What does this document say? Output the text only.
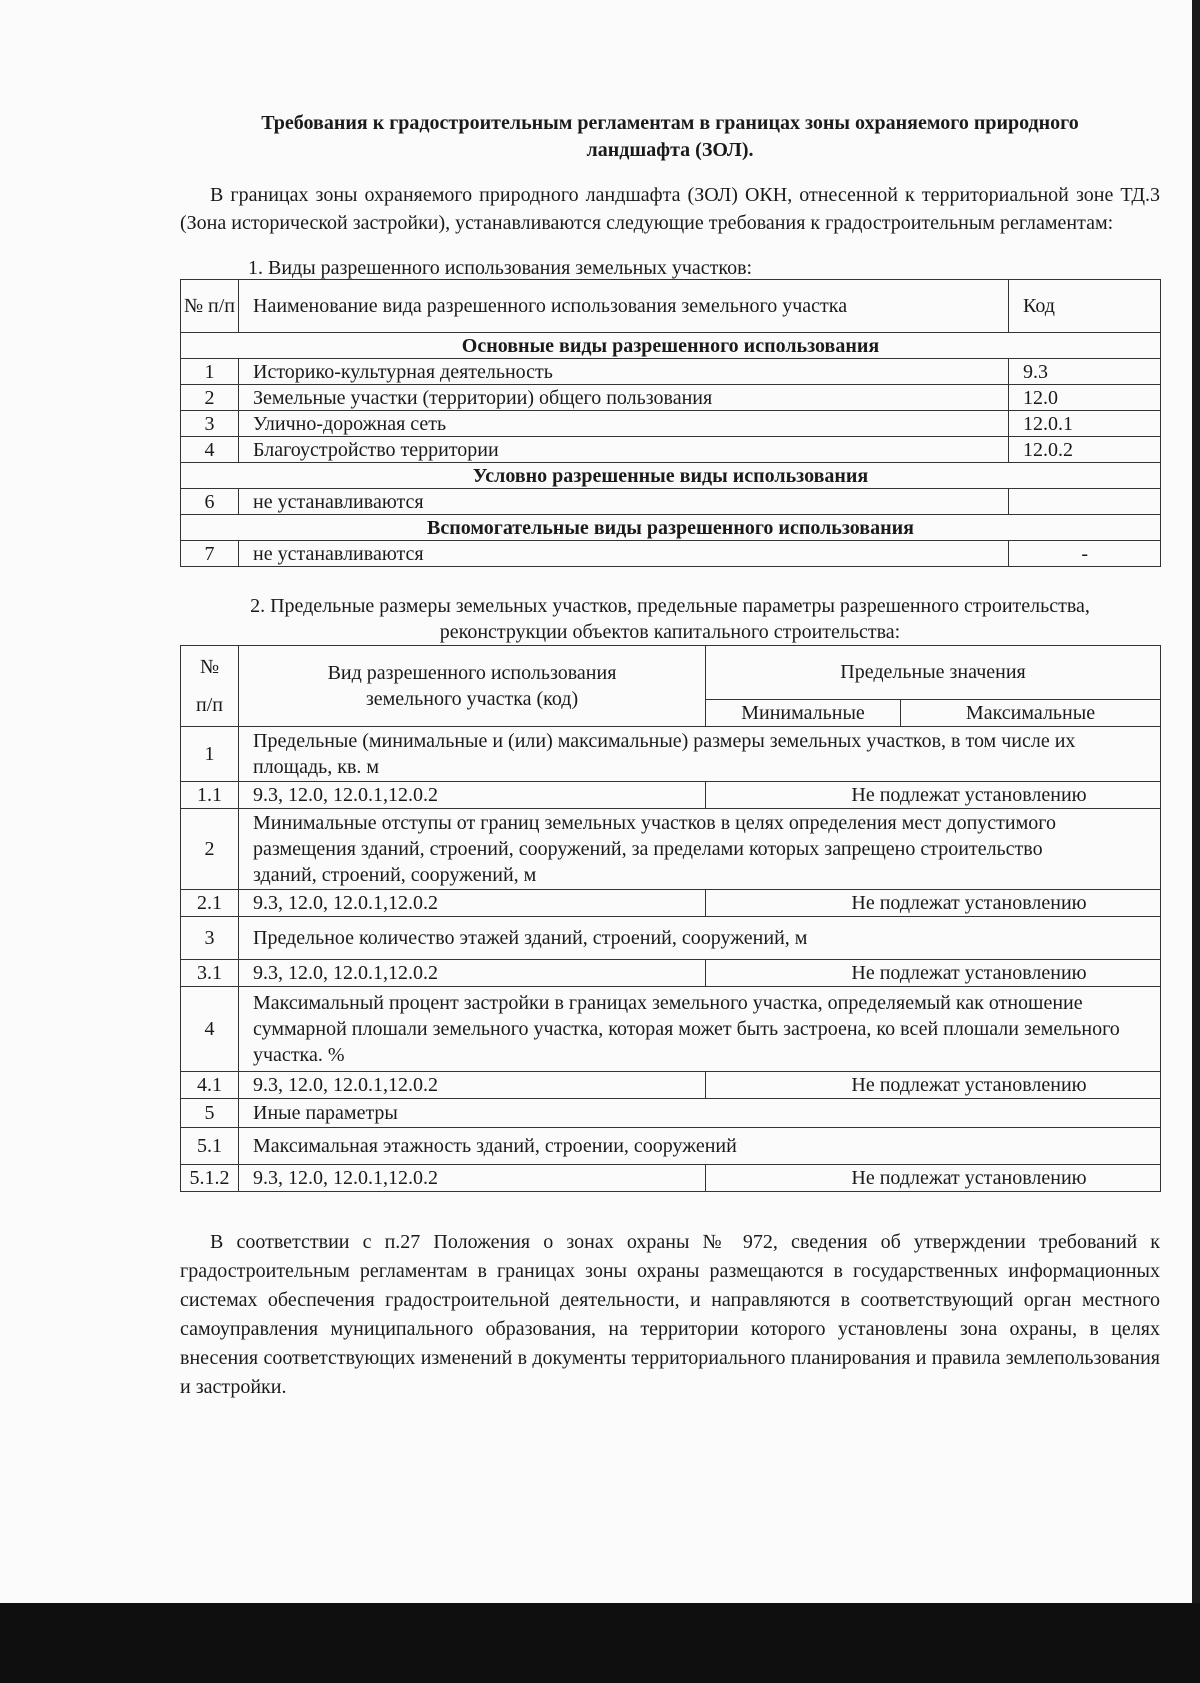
Требования к градостроительным регламентам в границах зоны охраняемого природного ландшафта (ЗОЛ).

В границах зоны охраняемого природного ландшафта (ЗОЛ) ОКН, отнесенной к территориальной зоне ТД.3 (Зона исторической застройки), устанавливаются следующие требования к градостроительным регламентам:

1. Виды разрешенного использования земельных участков:

№ п/п	Наименование вида разрешенного использования земельного участка	Код
Основные виды разрешенного использования		
1	Историко-культурная деятельность	9.3
2	Земельные участки (территории) общего пользования	12.0
3	Улично-дорожная сеть	12.0.1
4	Благоустройство территории	12.0.2
Условно разрешенные виды использования		
6	не устанавливаются	
Вспомогательные виды разрешенного использования		
7	не устанавливаются	-

2. Предельные размеры земельных участков, предельные параметры разрешенного строительства, реконструкции объектов капитального строительства:

№
п/п	Вид разрешенного использования земельного участка (код)	Предельные значения	
		Минимальные	Максимальные
1	Предельные (минимальные и (или) максимальные) размеры земельных участков, в том числе их площадь, кв. м		
1.1	9.3, 12.0, 12.0.1,12.0.2	Не подлежат установлению	
2	Минимальные отступы от границ земельных участков в целях определения мест допустимого размещения зданий, строений, сооружений, за пределами которых запрещено строительство зданий, строений, сооружений, м		
2.1	9.3, 12.0, 12.0.1,12.0.2	Не подлежат установлению	
3	Предельное количество этажей зданий, строений, сооружений, м		
3.1	9.3, 12.0, 12.0.1,12.0.2	Не подлежат установлению	
4	Максимальный процент застройки в границах земельного участка, определяемый как отношение суммарной плошали земельного участка, которая может быть застроена, ко всей плошали земельного участка. %		
4.1	9.3, 12.0, 12.0.1,12.0.2	Не подлежат установлению	
5	Иные параметры		
5.1	Максимальная этажность зданий, строении, сооружений		
5.1.2	9.3, 12.0, 12.0.1,12.0.2	Не подлежат установлению	

В соответствии с п.27 Положения о зонах охраны № 972, сведения об утверждении требований к градостроительным регламентам в границах зоны охраны размещаются в государственных информационных системах обеспечения градостроительной деятельности, и направляются в соответствующий орган местного самоуправления муниципального образования, на территории которого установлены зона охраны, в целях внесения соответствующих изменений в документы территориального планирования и правила землепользования и застройки.
